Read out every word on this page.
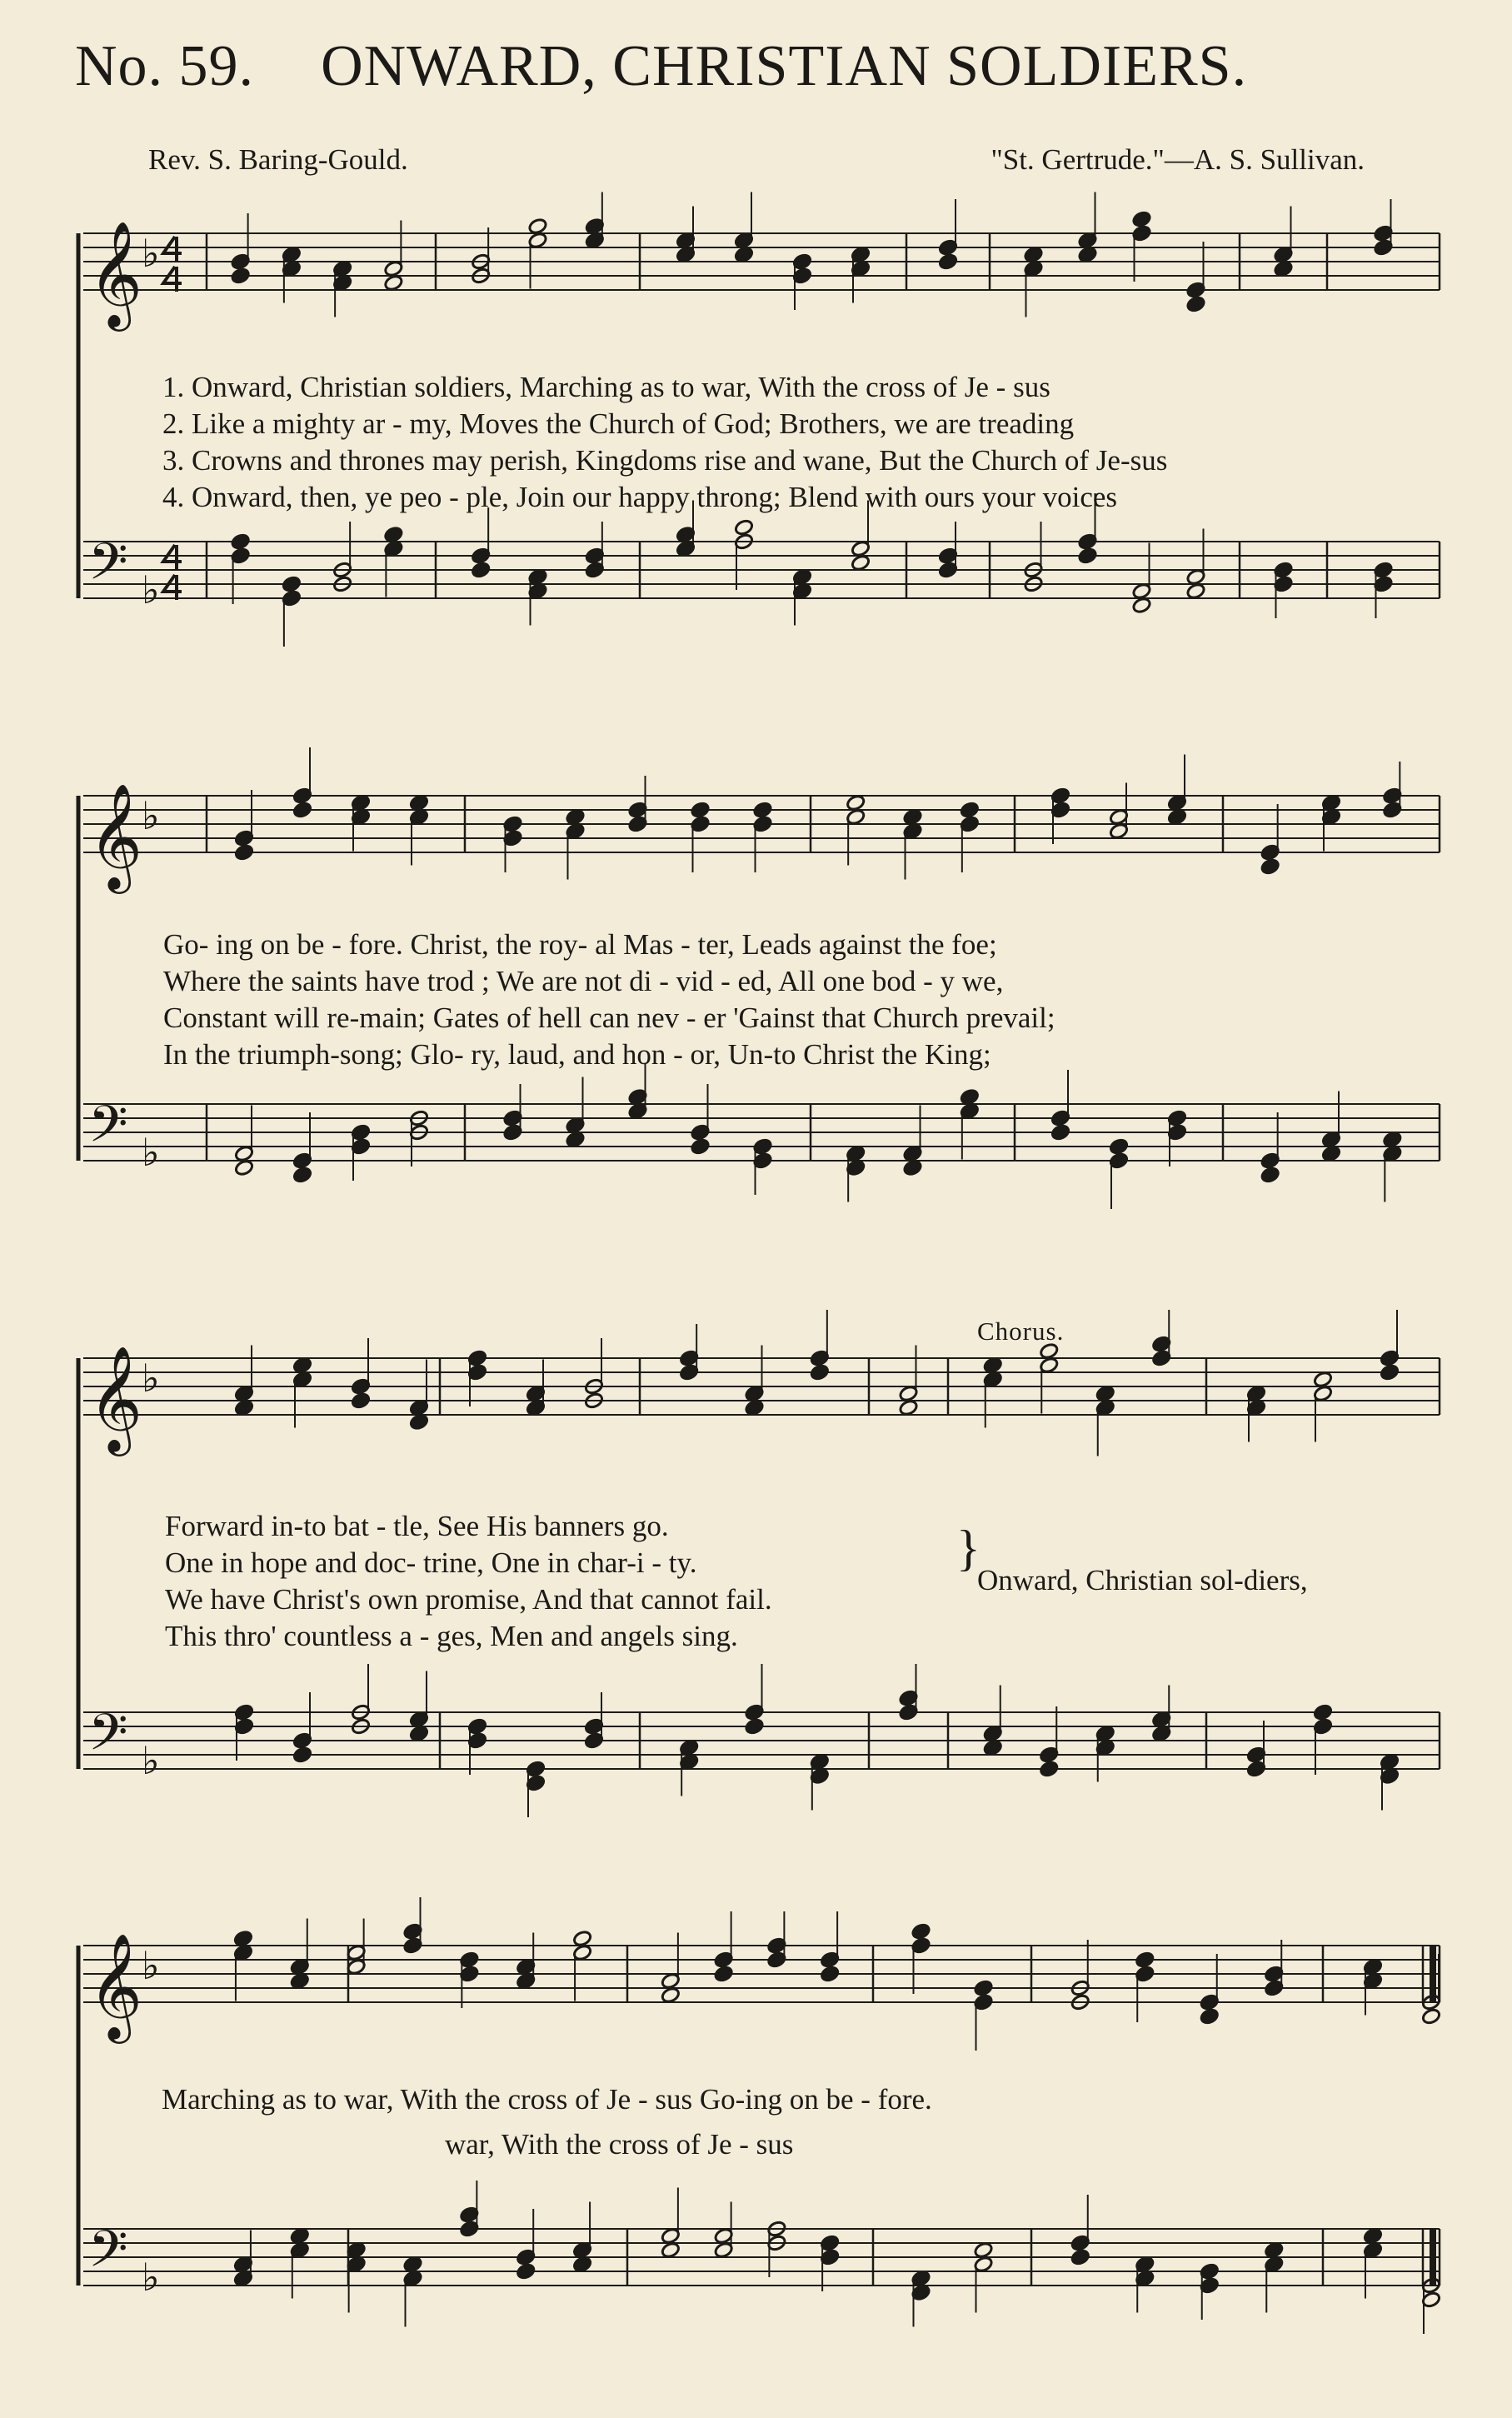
No. 59. ONWARD, CHRISTIAN SOLDIERS.
Rev. S. Baring-Gould.	"St. Gertrude."—A. S. Sullivan.
𝄞
♭
𝄢 ♭
1. Onward, Christian soldiers, Marching as to war, With the cross of Je - sus
2. Like a mighty ar - my, Moves the Church of God; Brothers, we are treading
3. Crowns and thrones may perish, Kingdoms rise and wane, But the Church of Je-sus
4. Onward, then, ye peo - ple, Join our happy throng; Blend with ours your voices
𝄞
♭
𝄢 ♭
Go- ing on be - fore. Christ, the roy- al Mas - ter, Leads against the foe;
Where the saints have trod ; We are not di - vid - ed, All one bod - y we,
Constant will re-main; Gates of hell can nev - er 'Gainst that Church prevail;
In the triumph-song; Glo- ry, laud, and hon - or, Un-to Christ the King;
Chorus.
𝄞
♭
𝄢 ♭
Forward in-to bat - tle, See His banners go.
One in hope and doc- trine, One in char-i - ty.
We have Christ's own promise, And that cannot fail.
This thro' countless a - ges, Men and angels sing.
Onward, Christian sol-diers,
}
𝄞
♭
𝄢 ♭
Marching as to war, With the cross of Je - sus Go-ing on be - fore.
war, With the cross of Je - sus
